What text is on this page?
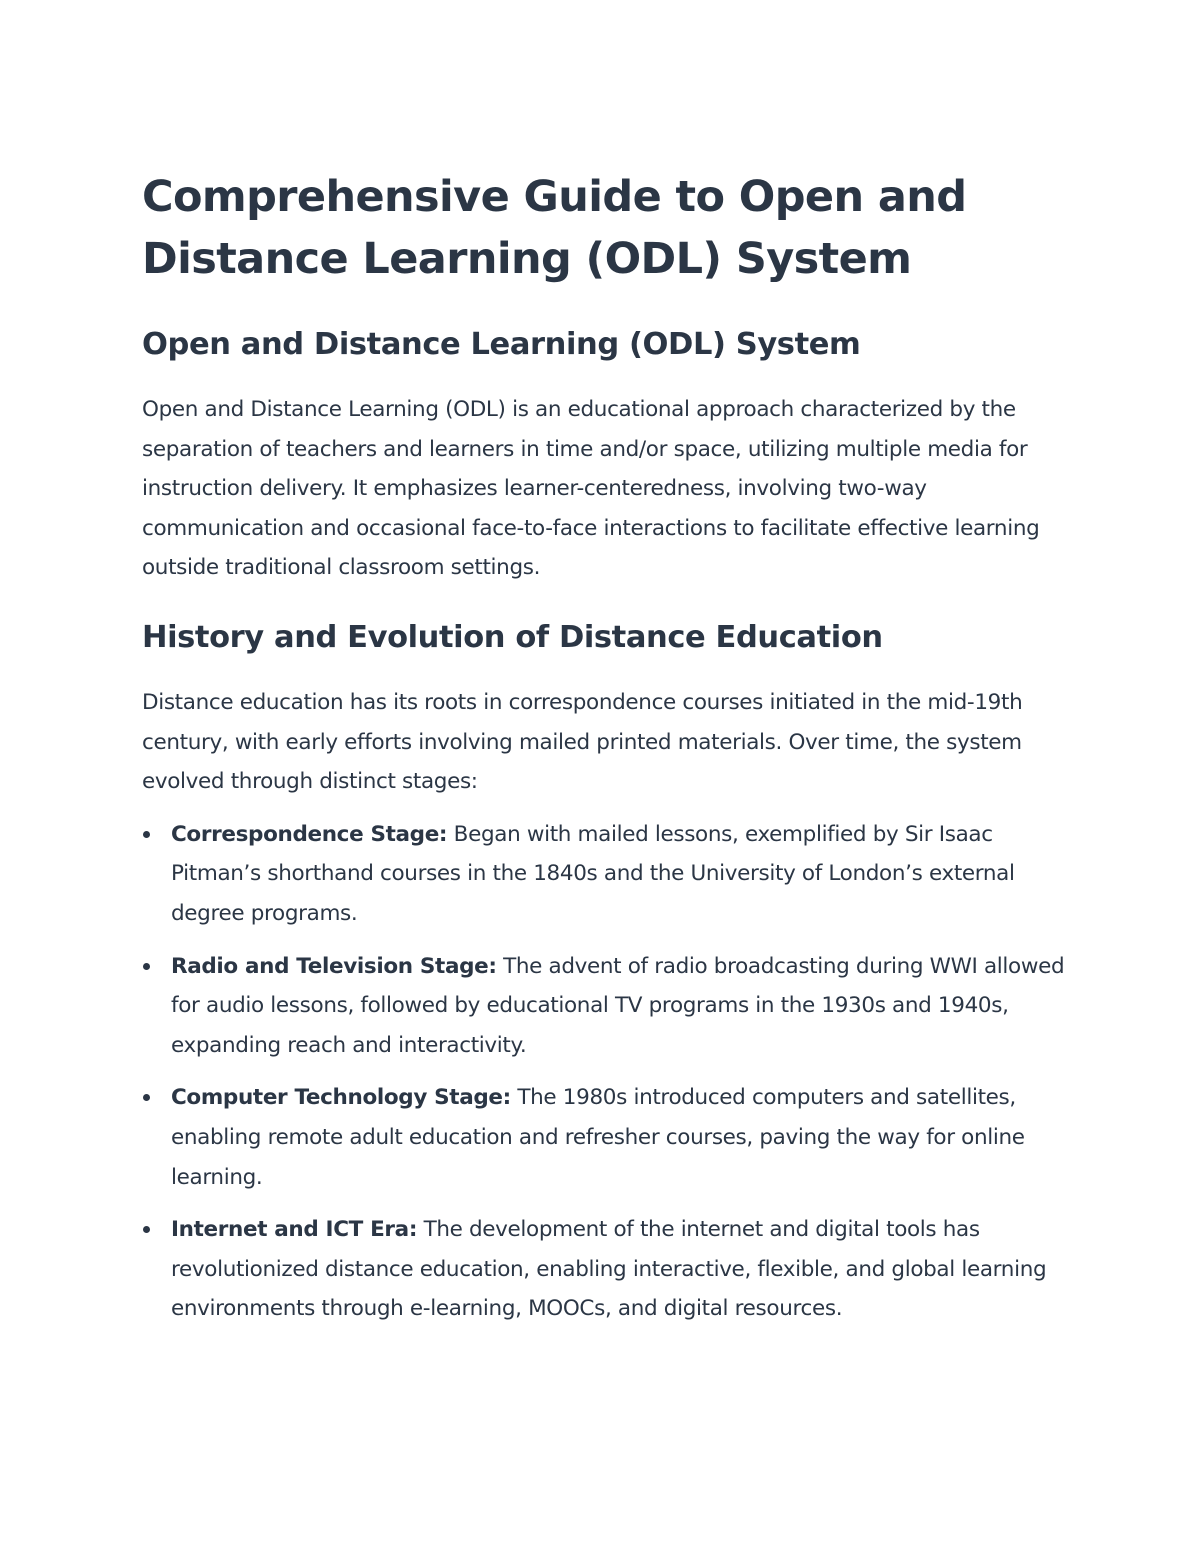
Comprehensive Guide to Open and Distance Learning (ODL) System
Open and Distance Learning (ODL) System

Open and Distance Learning (ODL) is an educational approach characterized by the separation of teachers and learners in time and/or space, utilizing multiple media for instruction delivery. It emphasizes learner-centeredness, involving two-way communication and occasional face-to-face interactions to facilitate effective learning outside traditional classroom settings.

History and Evolution of Distance Education

Distance education has its roots in correspondence courses initiated in the mid-19th century, with early efforts involving mailed printed materials. Over time, the system evolved through distinct stages:

Correspondence Stage: Began with mailed lessons, exemplified by Sir Isaac Pitman’s shorthand courses in the 1840s and the University of London’s external degree programs.
Radio and Television Stage: The advent of radio broadcasting during WWI allowed for audio lessons, followed by educational TV programs in the 1930s and 1940s, expanding reach and interactivity.
Computer Technology Stage: The 1980s introduced computers and satellites, enabling remote adult education and refresher courses, paving the way for online learning.
Internet and ICT Era: The development of the internet and digital tools has revolutionized distance education, enabling interactive, flexible, and global learning environments through e-learning, MOOCs, and digital resources.
